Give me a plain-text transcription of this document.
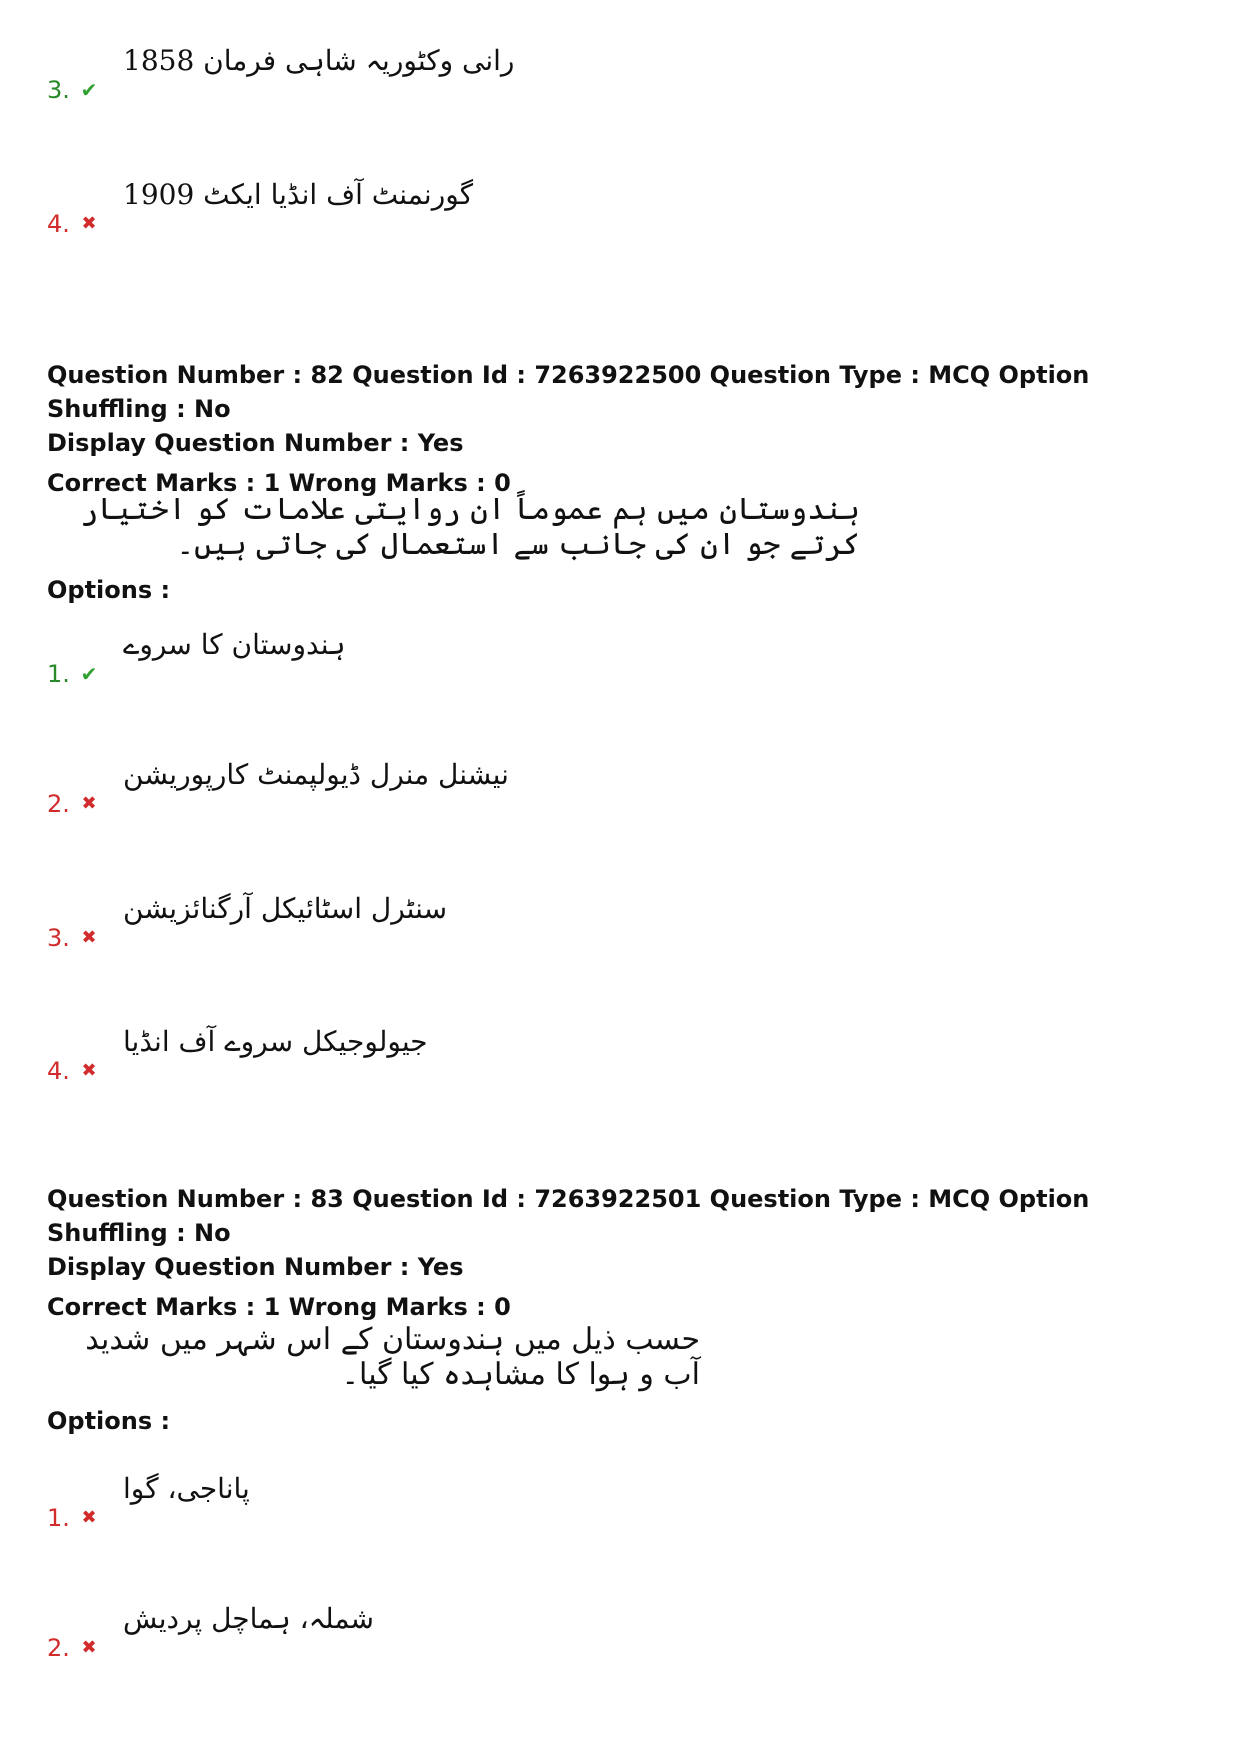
3. ✔
رانی وکٹوریہ شاہی فرمان 1858
4. ✖
گورنمنٹ آف انڈیا ایکٹ 1909

Question Number : 82 Question Id : 7263922500 Question Type : MCQ Option Shuffling : No

Display Question Number : Yes

Correct Marks : 1 Wrong Marks : 0

ہندوستان میں ہم عموماً ان روایتی علامات کو اختیار کرتے جو ان کی جانب سے استعمال کی جاتی ہیں۔

Options :

1. ✔
ہندوستان کا سروے
2. ✖
نیشنل منرل ڈیولپمنٹ کارپوریشن
3. ✖
سنٹرل اسٹائیکل آرگنائزیشن
4. ✖
جیولوجیکل سروے آف انڈیا

Question Number : 83 Question Id : 7263922501 Question Type : MCQ Option Shuffling : No

Display Question Number : Yes

Correct Marks : 1 Wrong Marks : 0

حسب ذیل میں ہندوستان کے اس شہر میں شدید آب و ہوا کا مشاہدہ کیا گیا۔

Options :

1. ✖
پاناجی، گوا
2. ✖
شملہ، ہماچل پردیش
